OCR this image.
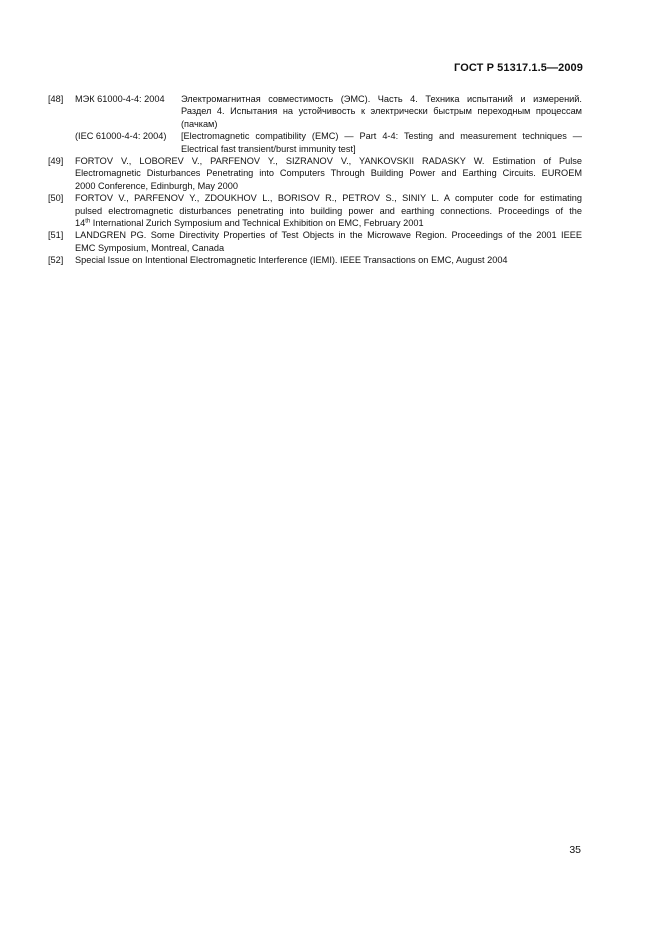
ГОСТ Р 51317.1.5—2009
[48]	МЭК 61000-4-4: 2004	Электромагнитная совместимость (ЭМС). Часть 4. Техника испытаний и измерений.
Раздел 4. Испытания на устойчивость к электрически быстрым переходным процессам
(пачкам)
(IEC 61000-4-4: 2004)	[Electromagnetic compatibility (EMC) — Part 4-4: Testing and measurement techniques —
Electrical fast transient/burst immunity test]
[49]	FORTOV V., LOBOREV V., PARFENOV Y., SIZRANOV V., YANKOVSKII RADASKY W. Estimation of Pulse
Electromagnetic Disturbances Penetrating into Computers Through Building Power and Earthing Circuits. EUROEM
2000 Conference, Edinburgh, May 2000
[50]	FORTOV V., PARFENOV Y., ZDOUKHOV L., BORISOV R., PETROV S., SINIY L. A computer code for estimating
pulsed electromagnetic disturbances penetrating into building power and earthing connections. Proceedings of the
14th International Zurich Symposium and Technical Exhibition on EMC, February 2001
[51]	LANDGREN PG. Some Directivity Properties of Test Objects in the Microwave Region. Proceedings of the 2001 IEEE
EMC Symposium, Montreal, Canada
[52]	Special Issue on Intentional Electromagnetic Interference (IEMI). IEEE Transactions on EMC, August 2004
35
